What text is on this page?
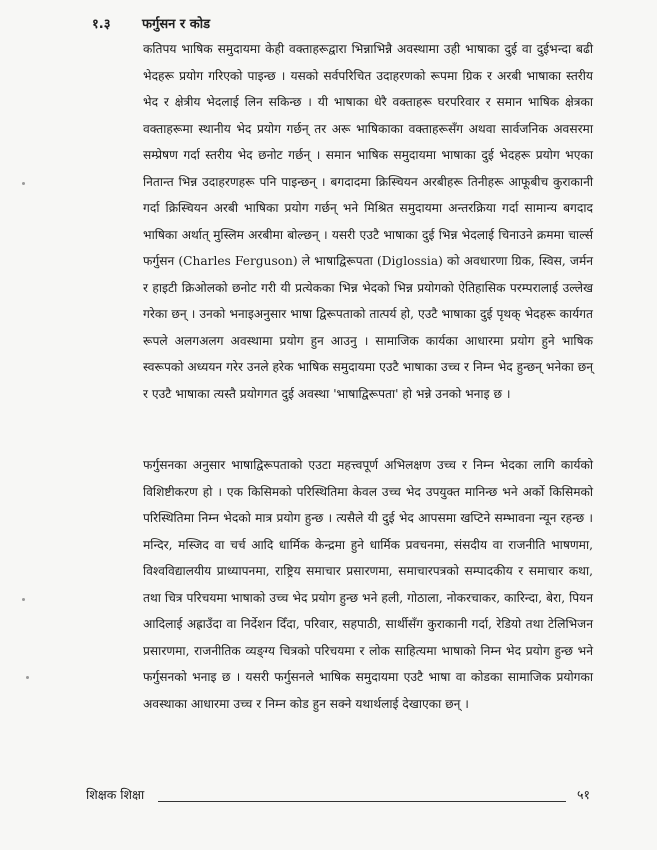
१.३ फर्गुसन र कोड
कतिपय भाषिक समुदायमा केही वक्ताहरूद्वारा भिन्नाभिन्नै अवस्थामा उही भाषाका दुई वा दुईभन्दा बढी भेदहरू प्रयोग गरिएको पाइन्छ । यसको सर्वपरिचित उदाहरणको रूपमा ग्रिक र अरबी भाषाका स्तरीय भेद र क्षेत्रीय भेदलाई लिन सकिन्छ । यी भाषाका धेरै वक्ताहरू घरपरिवार र समान भाषिक क्षेत्रका वक्ताहरूमा स्थानीय भेद प्रयोग गर्छन् तर अरू भाषिकाका वक्ताहरूसँग अथवा सार्वजनिक अवसरमा सम्प्रेषण गर्दा स्तरीय भेद छनोट गर्छन् । समान भाषिक समुदायमा भाषाका दुई भेदहरू प्रयोग भएका नितान्त भिन्न उदाहरणहरू पनि पाइन्छन् । बगदादमा क्रिस्चियन अरबीहरू तिनीहरू आफूबीच कुराकानी गर्दा क्रिस्चियन अरबी भाषिका प्रयोग गर्छन् भने मिश्रित समुदायमा अन्तरक्रिया गर्दा सामान्य बगदाद भाषिका अर्थात् मुस्लिम अरबीमा बोल्छन् । यसरी एउटै भाषाका दुई भिन्न भेदलाई चिनाउने क्रममा चार्ल्स फर्गुसन (Charles Ferguson) ले भाषाद्विरूपता (Diglossia) को अवधारणा ग्रिक, स्विस, जर्मन र हाइटी क्रिओलको छनोट गरी यी प्रत्येकका भिन्न भेदको भिन्न प्रयोगको ऐतिहासिक परम्परालाई उल्लेख गरेका छन् । उनको भनाइअनुसार भाषा द्विरूपताको तात्पर्य हो, एउटै भाषाका दुई पृथक् भेदहरू कार्यगत रूपले अलगअलग अवस्थामा प्रयोग हुन आउनु । सामाजिक कार्यका आधारमा प्रयोग हुने भाषिक स्वरूपको अध्ययन गरेर उनले हरेक भाषिक समुदायमा एउटै भाषाका उच्च र निम्न भेद हुन्छन् भनेका छन् र एउटै भाषाका त्यस्तै प्रयोगगत दुई अवस्था 'भाषाद्विरूपता' हो भन्ने उनको भनाइ छ ।
फर्गुसनका अनुसार भाषाद्विरूपताको एउटा महत्त्वपूर्ण अभिलक्षण उच्च र निम्न भेदका लागि कार्यको विशिष्टीकरण हो । एक किसिमको परिस्थितिमा केवल उच्च भेद उपयुक्त मानिन्छ भने अर्को किसिमको परिस्थितिमा निम्न भेदको मात्र प्रयोग हुन्छ । त्यसैले यी दुई भेद आपसमा खप्टिने सम्भावना न्यून रहन्छ । मन्दिर, मस्जिद वा चर्च आदि धार्मिक केन्द्रमा हुने धार्मिक प्रवचनमा, संसदीय वा राजनीति भाषणमा, विश्वविद्यालयीय प्राध्यापनमा, राष्ट्रिय समाचार प्रसारणमा, समाचारपत्रको सम्पादकीय र समाचार कथा, तथा चित्र परिचयमा भाषाको उच्च भेद प्रयोग हुन्छ भने हली, गोठाला, नोकरचाकर, कारिन्दा, बेरा, पियन आदिलाई अह्राउँदा वा निर्देशन दिँदा, परिवार, सहपाठी, सार्थीसँग कुराकानी गर्दा, रेडियो तथा टेलिभिजन प्रसारणमा, राजनीतिक व्यङ्ग्य चित्रको परिचयमा र लोक साहित्यमा भाषाको निम्न भेद प्रयोग हुन्छ भने फर्गुसनको भनाइ छ । यसरी फर्गुसनले भाषिक समुदायमा एउटै भाषा वा कोडका सामाजिक प्रयोगका अवस्थाका आधारमा उच्च र निम्न कोड हुन सक्ने यथार्थलाई देखाएका छन् ।
शिक्षक शिक्षा	५१
